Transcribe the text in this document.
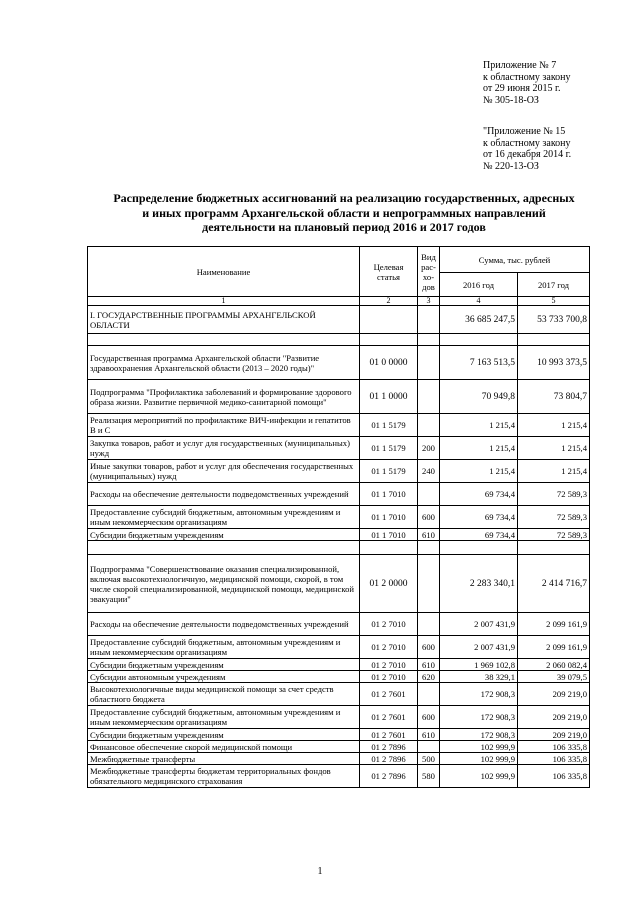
Приложение № 7
к областному закону
от 29 июня 2015 г.
№ 305-18-ОЗ
"Приложение № 15
к областному закону
от 16 декабря 2014 г.
№ 220-13-ОЗ
Распределение бюджетных ассигнований на реализацию государственных, адресных
и иных программ Архангельской области и непрограммных направлений
деятельности на плановый период 2016 и 2017 годов
Наименование	Целевая статья	Вид рас-хо-дов	Сумма, тыс. рублей	
			2016 год	2017 год
1	2	3	4	5
I. ГОСУДАРСТВЕННЫЕ ПРОГРАММЫ АРХАНГЕЛЬСКОЙ ОБЛАСТИ			36 685 247,5	53 733 700,8

Государственная программа Архангельской области "Развитие здравоохранения Архангельской области (2013 – 2020 годы)"	01 0 0000		7 163 513,5	10 993 373,5
Подпрограмма "Профилактика заболеваний и формирование здорового образа жизни. Развитие первичной медико-санитарной помощи"	01 1 0000		70 949,8	73 804,7
Реализация мероприятий по профилактике ВИЧ-инфекции и гепатитов В и С	01 1 5179		1 215,4	1 215,4
Закупка товаров, работ и услуг для государственных (муниципальных) нужд	01 1 5179	200	1 215,4	1 215,4
Иные закупки товаров, работ и услуг для обеспечения государственных (муниципальных) нужд	01 1 5179	240	1 215,4	1 215,4
Расходы на обеспечение деятельности подведомственных учреждений	01 1 7010		69 734,4	72 589,3
Предоставление субсидий бюджетным, автономным учреждениям и иным некоммерческим организациям	01 1 7010	600	69 734,4	72 589,3
Субсидии бюджетным учреждениям	01 1 7010	610	69 734,4	72 589,3

Подпрограмма "Совершенствование оказания специализированной, включая высокотехнологичную, медицинской помощи, скорой, в том числе скорой специализированной, медицинской помощи, медицинской эвакуации"	01 2 0000		2 283 340,1	2 414 716,7
Расходы на обеспечение деятельности подведомственных учреждений	01 2 7010		2 007 431,9	2 099 161,9
Предоставление субсидий бюджетным, автономным учреждениям и иным некоммерческим организациям	01 2 7010	600	2 007 431,9	2 099 161,9
Субсидии бюджетным учреждениям	01 2 7010	610	1 969 102,8	2 060 082,4
Субсидии автономным учреждениям	01 2 7010	620	38 329,1	39 079,5
Высокотехнологичные виды медицинской помощи за счет средств областного бюджета	01 2 7601		172 908,3	209 219,0
Предоставление субсидий бюджетным, автономным учреждениям и иным некоммерческим организациям	01 2 7601	600	172 908,3	209 219,0
Субсидии бюджетным учреждениям	01 2 7601	610	172 908,3	209 219,0
Финансовое обеспечение скорой медицинской помощи	01 2 7896		102 999,9	106 335,8
Межбюджетные трансферты	01 2 7896	500	102 999,9	106 335,8
Межбюджетные трансферты бюджетам территориальных фондов обязательного медицинского страхования	01 2 7896	580	102 999,9	106 335,8
1
